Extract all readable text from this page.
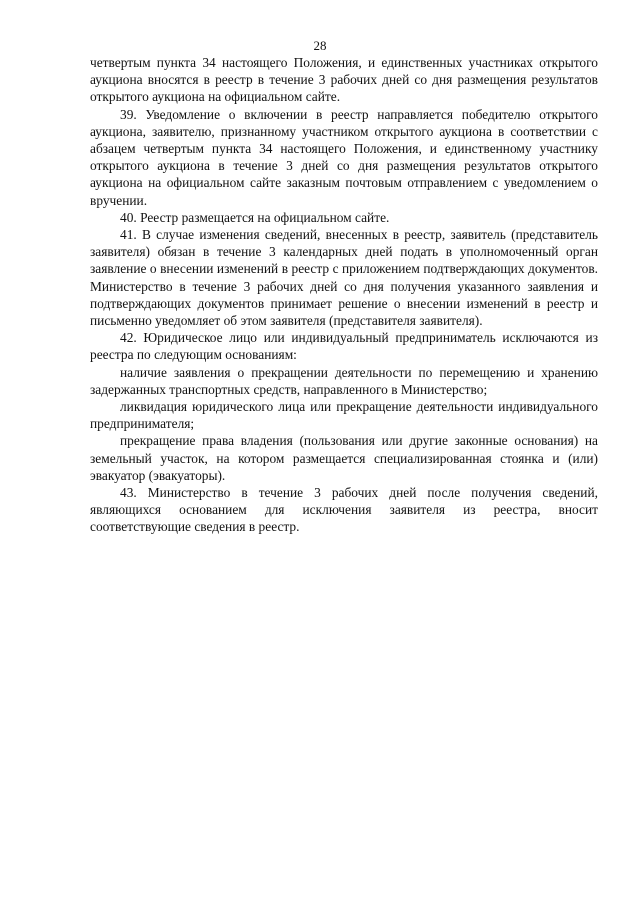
28

четвертым пункта 34 настоящего Положения, и единственных участниках открытого аукциона вносятся в реестр в течение 3 рабочих дней со дня размещения результатов открытого аукциона на официальном сайте.

39. Уведомление о включении в реестр направляется победителю открытого аукциона, заявителю, признанному участником открытого аукциона в соответствии с абзацем четвертым пункта 34 настоящего Положения, и единственному участнику открытого аукциона в течение 3 дней со дня размещения результатов открытого аукциона на официальном сайте заказным почтовым отправлением с уведомлением о вручении.

40. Реестр размещается на официальном сайте.

41. В случае изменения сведений, внесенных в реестр, заявитель (представитель заявителя) обязан в течение 3 календарных дней подать в уполномоченный орган заявление о внесении изменений в реестр с приложением подтверждающих документов. Министерство в течение 3 рабочих дней со дня получения указанного заявления и подтверждающих документов принимает решение о внесении изменений в реестр и письменно уведомляет об этом заявителя (представителя заявителя).

42. Юридическое лицо или индивидуальный предприниматель исключаются из реестра по следующим основаниям:

наличие заявления о прекращении деятельности по перемещению и хранению задержанных транспортных средств, направленного в Министерство;

ликвидация юридического лица или прекращение деятельности индивидуального предпринимателя;

прекращение права владения (пользования или другие законные основания) на земельный участок, на котором размещается специализированная стоянка и (или) эвакуатор (эвакуаторы).

43. Министерство в течение 3 рабочих дней после получения сведений, являющихся основанием для исключения заявителя из реестра, вносит соответствующие сведения в реестр.
